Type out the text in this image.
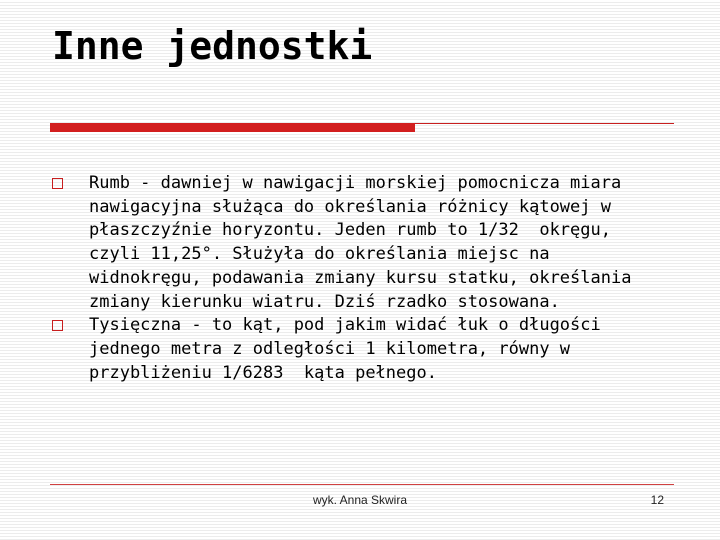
Inne jednostki
Rumb - dawniej w nawigacji morskiej pomocnicza miara
nawigacyjna służąca do określania różnicy kątowej w
płaszczyźnie horyzontu. Jeden rumb to 1/32  okręgu,
czyli 11,25°. Służyła do określania miejsc na
widnokręgu, podawania zmiany kursu statku, określania
zmiany kierunku wiatru. Dziś rzadko stosowana.
Tysięczna - to kąt, pod jakim widać łuk o długości
jednego metra z odległości 1 kilometra, równy w
przybliżeniu 1/6283  kąta pełnego.
wyk. Anna Skwira	12
